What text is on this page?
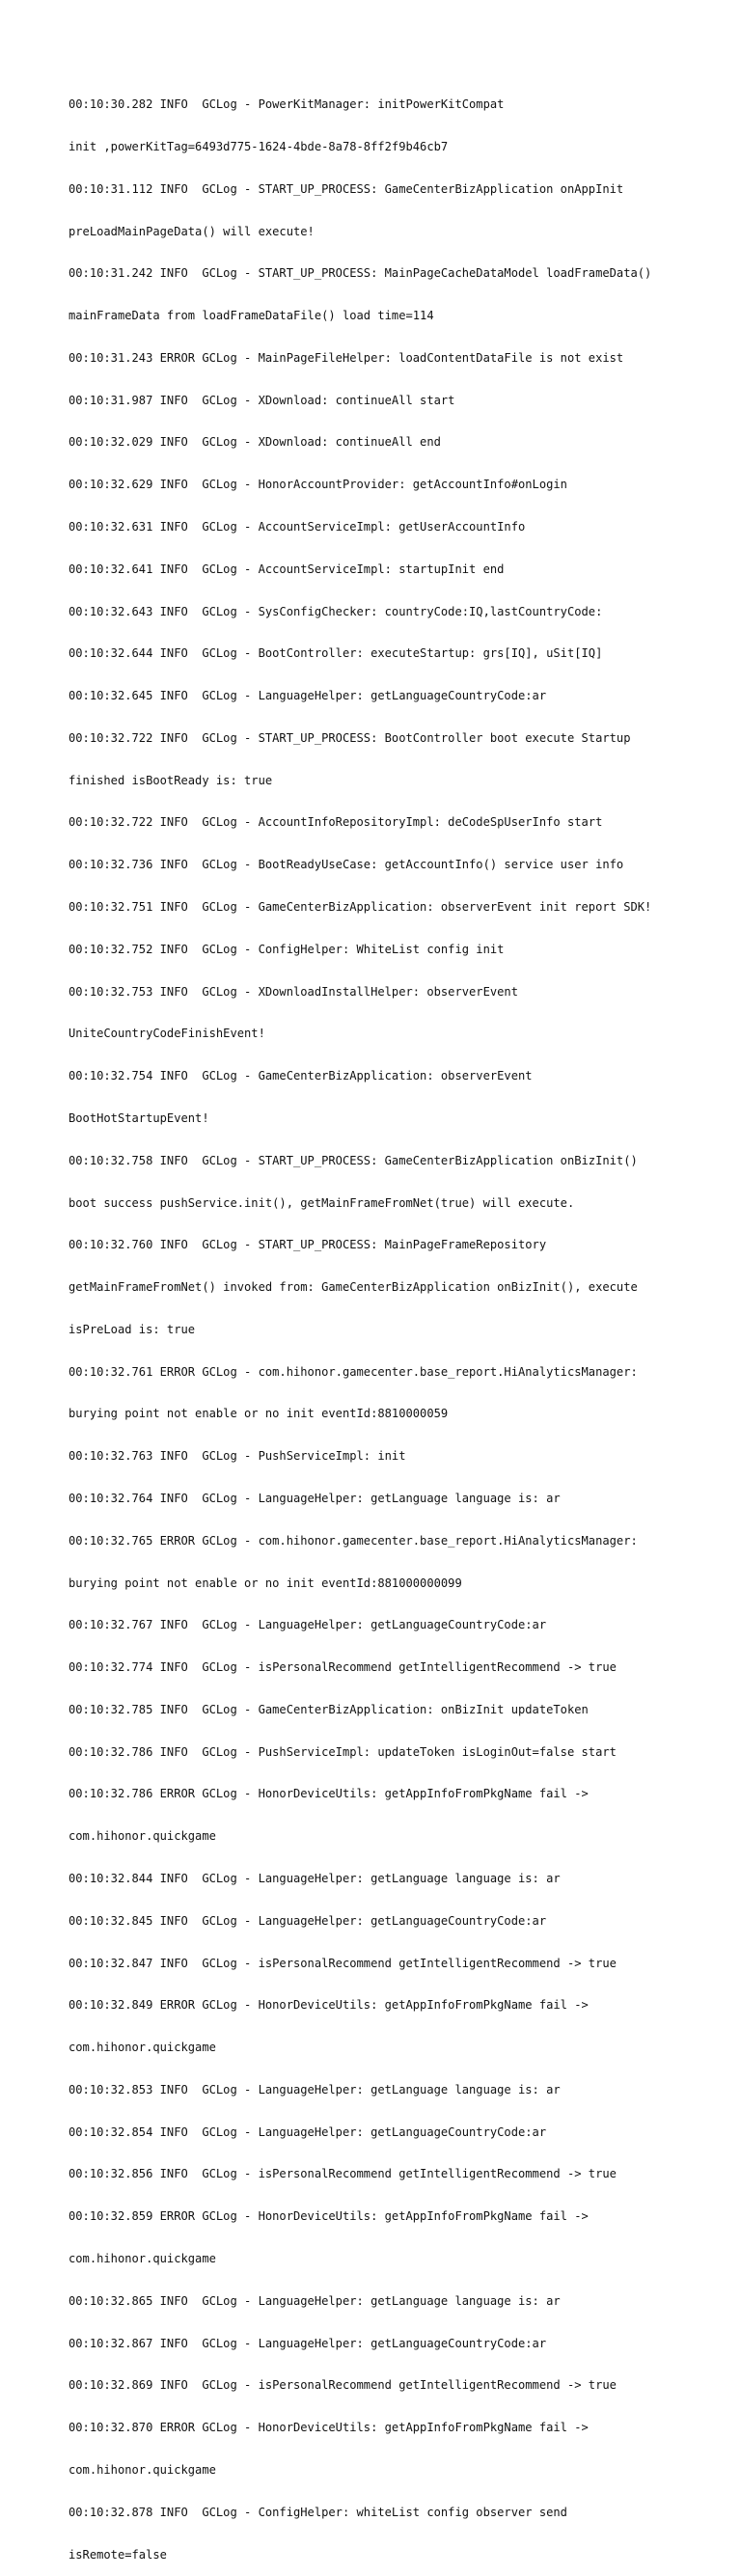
00:10:30.282 INFO  GCLog - PowerKitManager: initPowerKitCompat

init ,powerKitTag=6493d775-1624-4bde-8a78-8ff2f9b46cb7

00:10:31.112 INFO  GCLog - START_UP_PROCESS: GameCenterBizApplication onAppInit

preLoadMainPageData() will execute!

00:10:31.242 INFO  GCLog - START_UP_PROCESS: MainPageCacheDataModel loadFrameData()

mainFrameData from loadFrameDataFile() load time=114

00:10:31.243 ERROR GCLog - MainPageFileHelper: loadContentDataFile is not exist

00:10:31.987 INFO  GCLog - XDownload: continueAll start

00:10:32.029 INFO  GCLog - XDownload: continueAll end

00:10:32.629 INFO  GCLog - HonorAccountProvider: getAccountInfo#onLogin

00:10:32.631 INFO  GCLog - AccountServiceImpl: getUserAccountInfo

00:10:32.641 INFO  GCLog - AccountServiceImpl: startupInit end

00:10:32.643 INFO  GCLog - SysConfigChecker: countryCode:IQ,lastCountryCode:

00:10:32.644 INFO  GCLog - BootController: executeStartup: grs[IQ], uSit[IQ]

00:10:32.645 INFO  GCLog - LanguageHelper: getLanguageCountryCode:ar

00:10:32.722 INFO  GCLog - START_UP_PROCESS: BootController boot execute Startup

finished isBootReady is: true

00:10:32.722 INFO  GCLog - AccountInfoRepositoryImpl: deCodeSpUserInfo start

00:10:32.736 INFO  GCLog - BootReadyUseCase: getAccountInfo() service user info

00:10:32.751 INFO  GCLog - GameCenterBizApplication: observerEvent init report SDK!

00:10:32.752 INFO  GCLog - ConfigHelper: WhiteList config init

00:10:32.753 INFO  GCLog - XDownloadInstallHelper: observerEvent

UniteCountryCodeFinishEvent!

00:10:32.754 INFO  GCLog - GameCenterBizApplication: observerEvent

BootHotStartupEvent!

00:10:32.758 INFO  GCLog - START_UP_PROCESS: GameCenterBizApplication onBizInit()

boot success pushService.init(), getMainFrameFromNet(true) will execute.

00:10:32.760 INFO  GCLog - START_UP_PROCESS: MainPageFrameRepository

getMainFrameFromNet() invoked from: GameCenterBizApplication onBizInit(), execute

isPreLoad is: true

00:10:32.761 ERROR GCLog - com.hihonor.gamecenter.base_report.HiAnalyticsManager:

burying point not enable or no init eventId:8810000059

00:10:32.763 INFO  GCLog - PushServiceImpl: init

00:10:32.764 INFO  GCLog - LanguageHelper: getLanguage language is: ar

00:10:32.765 ERROR GCLog - com.hihonor.gamecenter.base_report.HiAnalyticsManager:

burying point not enable or no init eventId:881000000099

00:10:32.767 INFO  GCLog - LanguageHelper: getLanguageCountryCode:ar

00:10:32.774 INFO  GCLog - isPersonalRecommend getIntelligentRecommend -> true

00:10:32.785 INFO  GCLog - GameCenterBizApplication: onBizInit updateToken

00:10:32.786 INFO  GCLog - PushServiceImpl: updateToken isLoginOut=false start

00:10:32.786 ERROR GCLog - HonorDeviceUtils: getAppInfoFromPkgName fail ->

com.hihonor.quickgame

00:10:32.844 INFO  GCLog - LanguageHelper: getLanguage language is: ar

00:10:32.845 INFO  GCLog - LanguageHelper: getLanguageCountryCode:ar

00:10:32.847 INFO  GCLog - isPersonalRecommend getIntelligentRecommend -> true

00:10:32.849 ERROR GCLog - HonorDeviceUtils: getAppInfoFromPkgName fail ->

com.hihonor.quickgame

00:10:32.853 INFO  GCLog - LanguageHelper: getLanguage language is: ar

00:10:32.854 INFO  GCLog - LanguageHelper: getLanguageCountryCode:ar

00:10:32.856 INFO  GCLog - isPersonalRecommend getIntelligentRecommend -> true

00:10:32.859 ERROR GCLog - HonorDeviceUtils: getAppInfoFromPkgName fail ->

com.hihonor.quickgame

00:10:32.865 INFO  GCLog - LanguageHelper: getLanguage language is: ar

00:10:32.867 INFO  GCLog - LanguageHelper: getLanguageCountryCode:ar

00:10:32.869 INFO  GCLog - isPersonalRecommend getIntelligentRecommend -> true

00:10:32.870 ERROR GCLog - HonorDeviceUtils: getAppInfoFromPkgName fail ->

com.hihonor.quickgame

00:10:32.878 INFO  GCLog - ConfigHelper: whiteList config observer send

isRemote=false
